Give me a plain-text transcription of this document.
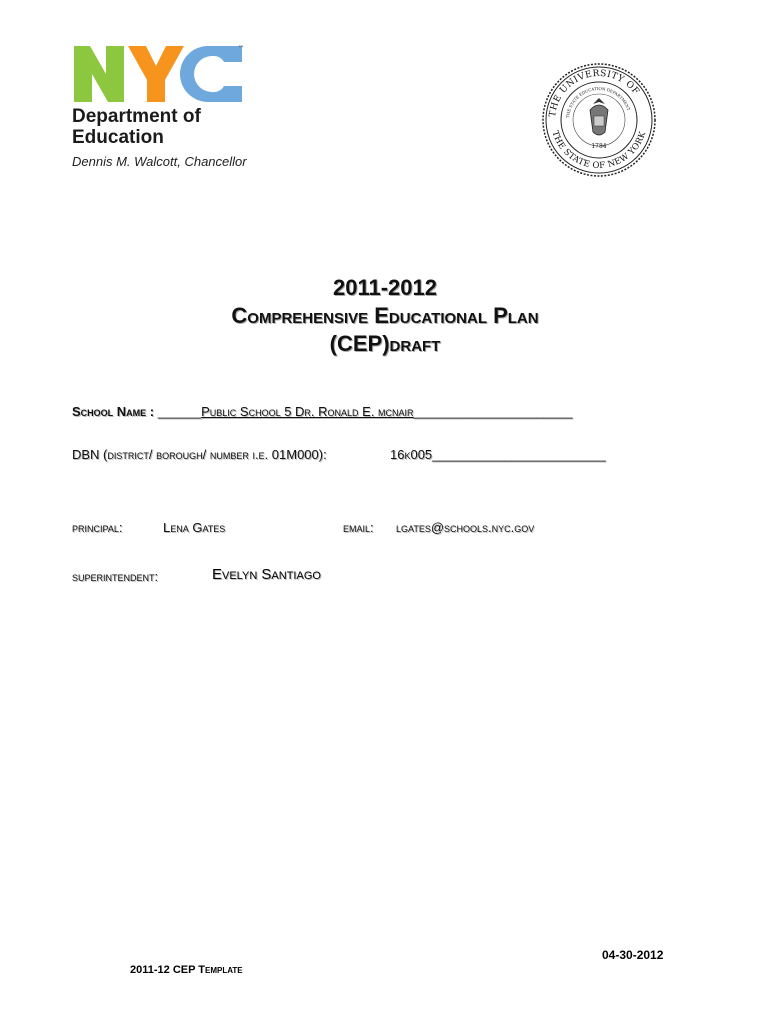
™
Department of
Education
Dennis M. Walcott, Chancellor
THE UNIVERSITY OF
THE STATE OF NEW YORK
THE STATE EDUCATION DEPARTMENT
1784
2011-2012
Comprehensive Educational Plan
(CEP)draft
School Name : ______Public School 5 Dr. Ronald E. mcnair______________________
DBN (district/ borough/ number i.e. 01M000):	16k005________________________
principal:	Lena Gates	email: lgates@schools.nyc.gov
superintendent:	Evelyn Santiago
04-30-2012
2011-12 CEP Template
